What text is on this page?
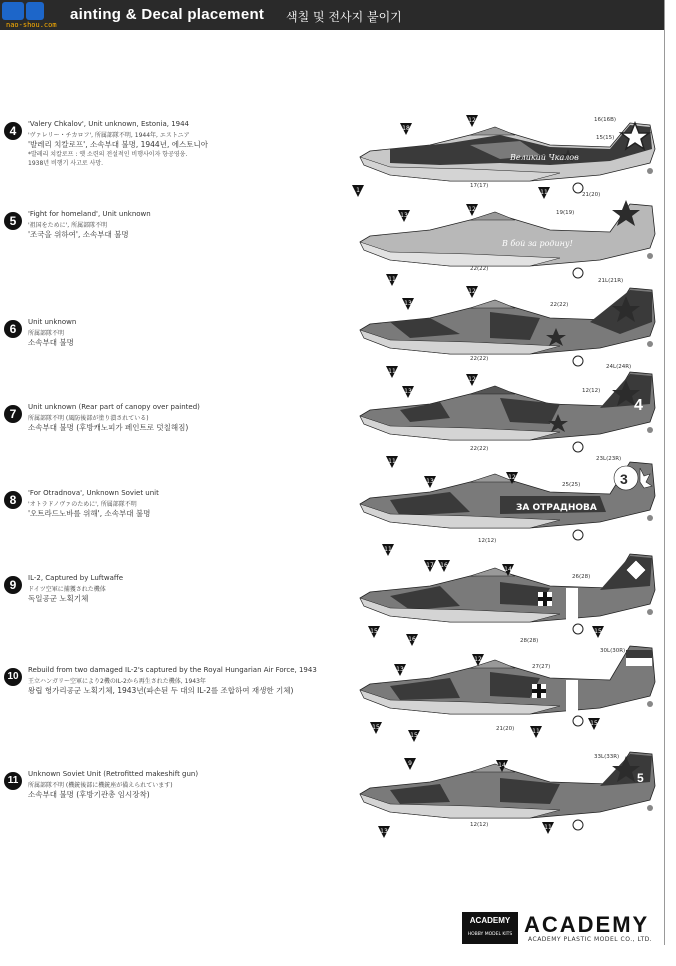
nao-shou.com
ainting & Decal placement 색칠 및 전사지 붙이기
4	'Valery Chkalov', Unit unknown, Estonia, 1944
'ヴァレリー・チカロフ', 所属部隊不明, 1944年, エストニア
'발레리 치칼로프', 소속부대 불명, 1944년, 에스토니아
*발레리 치칼로프 : 옛 소련의 전설적인 비행사이자 항공영웅.
1938년 비행기 사고로 사망.
5	'Fight for homeland', Unit unknown
'祖国をために', 所属部隊不明
'조국을 위하여', 소속부대 불명
6	Unit unknown
所属部隊不明
소속부대 불명
7	Unit unknown (Rear part of canopy over painted)
所属部隊不明 (風防後部が塗り潰されている)
소속부대 불명 (후방캐노피가 페인트로 덧칠해짐)
8	'For Otradnova', Unknown Soviet unit
'オトラドノヴァのために', 所属部隊不明
'오트라드노바를 위해', 소속부대 불명
9	IL-2, Captured by Luftwaffe
ドイツ空軍に捕獲された機体
독일공군 노획기체
10
Rebuild from two damaged IL-2's captured by the Royal Hungarian Air Force, 1943
王立ハンガリー空軍により2機のIL-2から再生された機体, 1943年
왕립 헝가리공군 노획기체, 1943년(파손된 두 대의 IL-2를 조합하여 재생한 기체)
11
Unknown Soviet Unit (Retrofitted makeshift gun)
所属部隊不明 (機銃後部に機銃座が備えられています)
소속부대 불명 (후방기관총 임시장착)
Великий Чкалов
16(16B)
15(15)
17(17)
18
12
1	11
В бой за родину!
21(20)
19(19)
22(22)
13
12
11	21L(21R)
22(22)
22(22)
13
12
11
4
24L(24R)
12(12)
22(22)
13
12
11
3
ЗА ОТРАДНОВА
23L(23R)
25(25)
12(12)
13
12
11
26(28)
28(28)
17 16
14
15
16
15
30L(30R)
27(27)
21(20)
13
12
15
15
11
15
5
33L(33R)
12(12)
9	14
13
11
ACADEMY
HOBBY MODEL KITS ACADEMY
ACADEMY PLASTIC MODEL CO., LTD.
